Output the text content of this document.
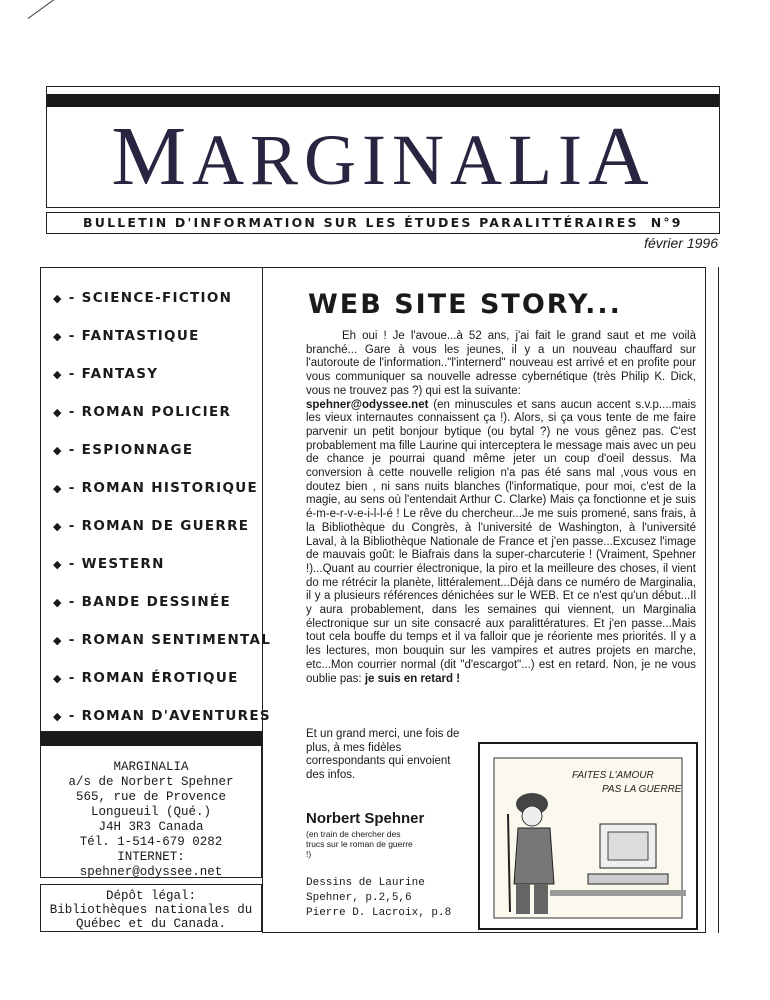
MARGINALIA
BULLETIN D'INFORMATION SUR LES ÉTUDES PARALITTÉRAIRES N°9
février 1996
◆ - SCIENCE-FICTION
◆ - FANTASTIQUE
◆ - FANTASY
◆ - ROMAN POLICIER
◆ - ESPIONNAGE
◆ - ROMAN HISTORIQUE
◆ - ROMAN DE GUERRE
◆ - WESTERN
◆ - BANDE DESSINÉE
◆ - ROMAN SENTIMENTAL
◆ - ROMAN ÉROTIQUE
◆ - ROMAN D'AVENTURES
MARGINALIA
a/s de Norbert Spehner
565, rue de Provence
Longueuil (Qué.)
J4H 3R3 Canada
Tél. 1-514-679 0282
INTERNET:
spehner@odyssee.net
Dépôt légal:
Bibliothèques nationales du
Québec et du Canada.
WEB SITE STORY...

Eh oui ! Je l'avoue...à 52 ans, j'ai fait le grand saut et me voilà branché... Gare à vous les jeunes, il y a un nouveau chauffard sur l'autoroute de l'information.."l'internerd" nouveau est arrivé et en profite pour vous communiquer sa nouvelle adresse cybernétique (très Philip K. Dick, vous ne trouvez pas ?) qui est la suivante:
spehner@odyssee.net (en minuscules et sans aucun accent s.v.p....mais les vieux internautes connaissent ça !). Alors, si ça vous tente de me faire parvenir un petit bonjour bytique (ou bytal ?) ne vous gênez pas. C'est probablement ma fille Laurine qui interceptera le message mais avec un peu de chance je pourrai quand même jeter un coup d'oeil dessus. Ma conversion à cette nouvelle religion n'a pas été sans mal ,vous vous en doutez bien , ni sans nuits blanches (l'informatique, pour moi, c'est de la magie, au sens où l'entendait Arthur C. Clarke) Mais ça fonctionne et je suis é-m-e-r-v-e-i-l-l-é ! Le rêve du chercheur...Je me suis promené, sans frais, à la Bibliothèque du Congrès, à l'université de Washington, à l'université Laval, à la Bibliothèque Nationale de France et j'en passe...Excusez l'image de mauvais goût: le Biafrais dans la super-charcuterie ! (Vraiment, Spehner !)...Quant au courrier électronique, la piro et la meilleure des choses, il vient do me rétrécir la planète, littéralement...Déjà dans ce numéro de Marginalia, il y a plusieurs références dénichées sur le WEB. Et ce n'est qu'un début...Il y aura probablement, dans les semaines qui viennent, un Marginalia électronique sur un site consacré aux paralittératures. Et j'en passe...Mais tout cela bouffe du temps et il va falloir que je réoriente mes priorités. Il y a les lectures, mon bouquin sur les vampires et autres projets en marche, etc...Mon courrier normal (dit "d'escargot"...) est en retard. Non, je ne vous oublie pas: je suis en retard !

Et un grand merci, une fois de plus, à mes fidèles correspondants qui envoient des infos.
Norbert Spehner
(en train de chercher des trucs sur le roman de guerre !)
Dessins de Laurine
Spehner, p.2,5,6
Pierre D. Lacroix, p.8
FAITES L'AMOUR
PAS LA GUERRE
